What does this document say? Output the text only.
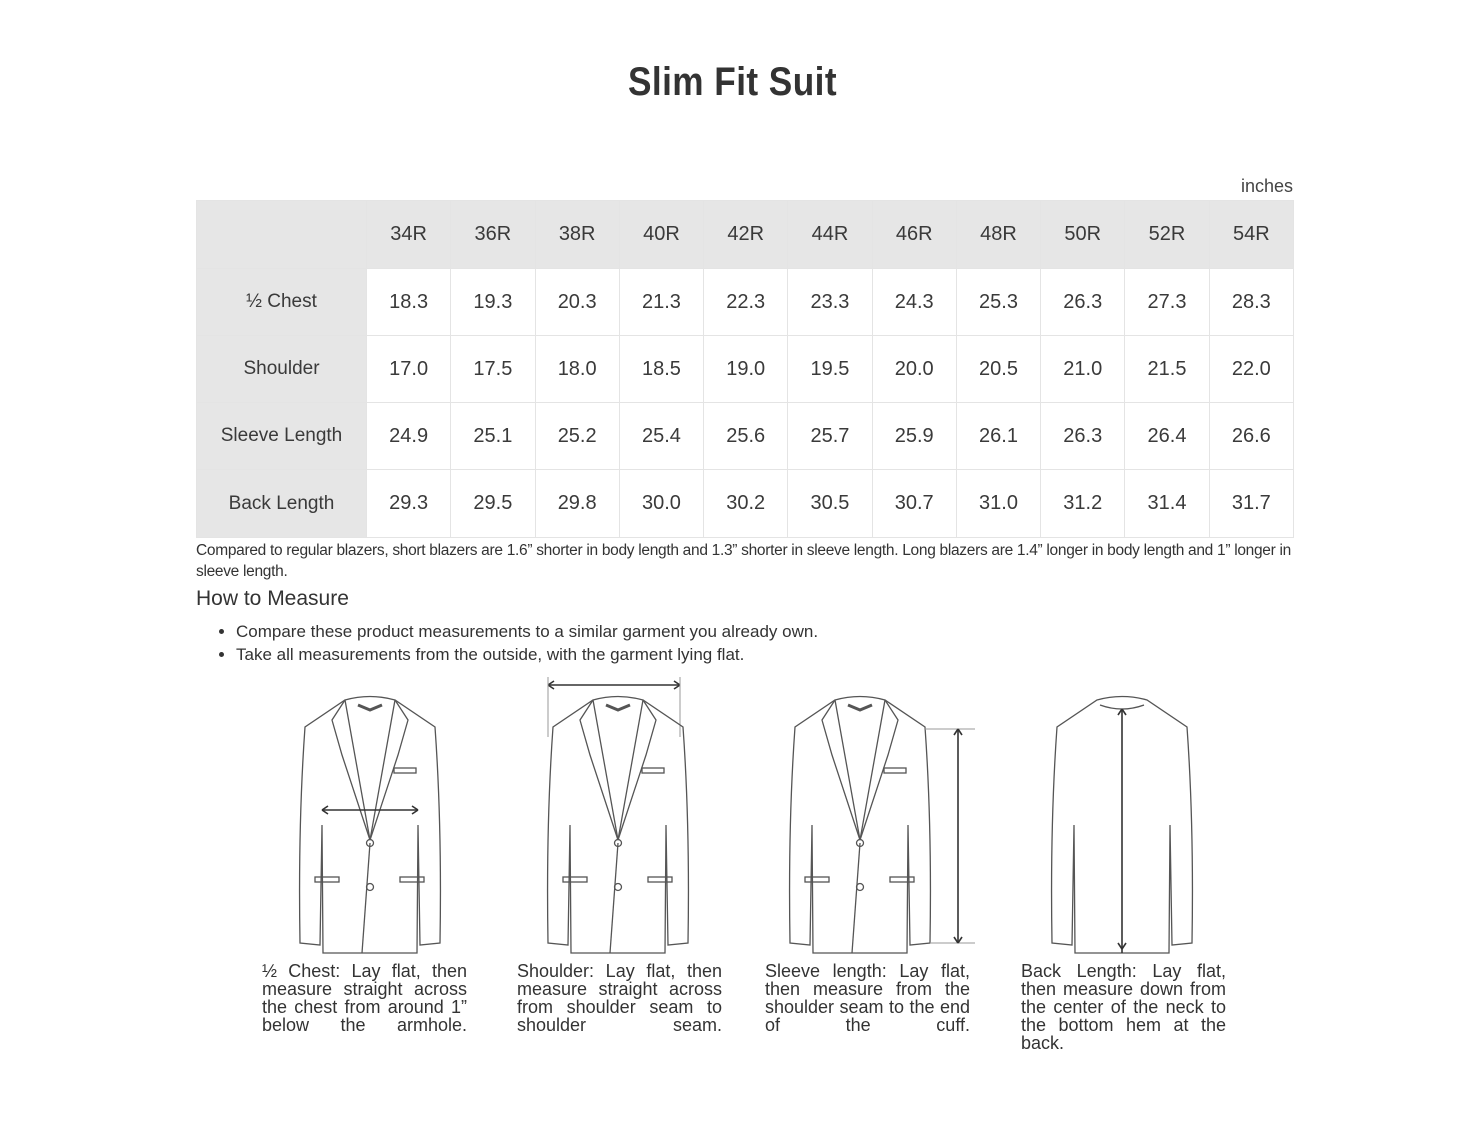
Slim Fit Suit
inches
	34R	36R	38R	40R	42R	44R	46R	48R	50R	52R	54R
½ Chest	18.3	19.3	20.3	21.3	22.3	23.3	24.3	25.3	26.3	27.3	28.3
Shoulder	17.0	17.5	18.0	18.5	19.0	19.5	20.0	20.5	21.0	21.5	22.0
Sleeve Length	24.9	25.1	25.2	25.4	25.6	25.7	25.9	26.1	26.3	26.4	26.6
Back Length	29.3	29.5	29.8	30.0	30.2	30.5	30.7	31.0	31.2	31.4	31.7
Compared to regular blazers, short blazers are 1.6” shorter in body length and 1.3” shorter in sleeve length. Long blazers are 1.4” longer in body length and 1” longer in sleeve length.
How to Measure
• Compare these product measurements to a similar garment you already own.
• Take all measurements from the outside, with the garment lying flat.
½ Chest: Lay flat, then measure straight across the chest from around 1” below the armhole.
Shoulder: Lay flat, then measure straight across from shoulder seam to shoulder seam.
Sleeve length: Lay flat, then measure from the shoulder seam to the end of the cuff.
Back Length: Lay flat, then measure down from the center of the neck to the bottom hem at the back.
